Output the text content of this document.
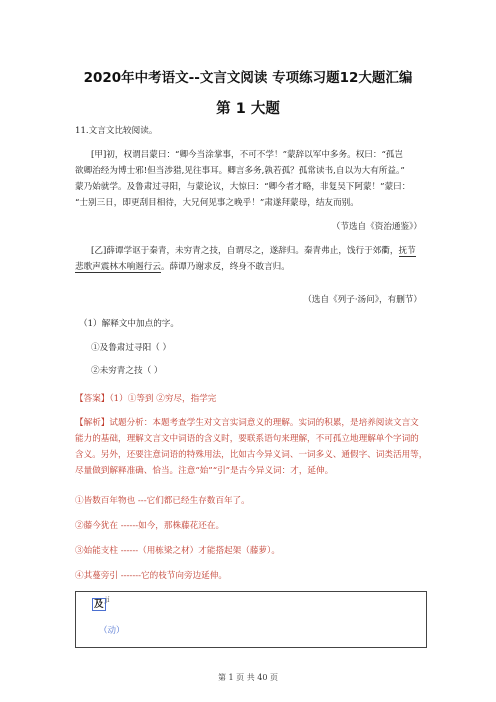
2020年中考语文--文言文阅读 专项练习题12大题汇编
第 1 大题
11.文言文比较阅读。
[甲]初，权谓吕蒙曰：“卿今当涂掌事，不可不学！”蒙辞以军中多务。权曰：“孤岂
欲卿治经为博士邪!但当涉猎,见往事耳。卿言多务,孰若孤？孤常读书,自以为大有所益。”
蒙乃始就学。及鲁肃过寻阳，与蒙论议，大惊曰：“卿今者才略，非复吴下阿蒙！”蒙曰：
“士别三日，即更刮目相待，大兄何见事之晚乎！”肃遂拜蒙母，结友而别。
（节选自《资治通鉴》）
[乙]薛谭学讴于秦青，未穷青之技，自谓尽之，遂辞归。秦青弗止，饯行于郊衢，抚节
悲歌声震林木响遏行云。薛谭乃谢求反，终身不敢言归。
（选自《列子·汤问》，有删节）
（1）解释文中加点的字。
①及鲁肃过寻阳（ ）
②未穷青之技（ ）
【答案】（1）①等到 ②穷尽，指学完
【解析】试题分析：本题考查学生对文言实词意义的理解。实词的积累，是培养阅读文言文
能力的基础，理解文言文中词语的含义时，要联系语句来理解，不可孤立地理解单个字词的
含义。另外，还要注意词语的特殊用法，比如古今异义词、一词多义、通假字、词类活用等，
尽量做到解释准确、恰当。注意“始”“引”是古今异义词：才，延伸。
①皆数百年物也 ---它们都已经生存数百年了。
②藤今犹在 ------如今，那株藤花还在。
③始能支柱 ------（用栋梁之材）才能搭起架（藤萝）。
④其蔓旁引 -------它的枝节向旁边延伸。
及 jí
（动）
第 1 页 共 40 页
